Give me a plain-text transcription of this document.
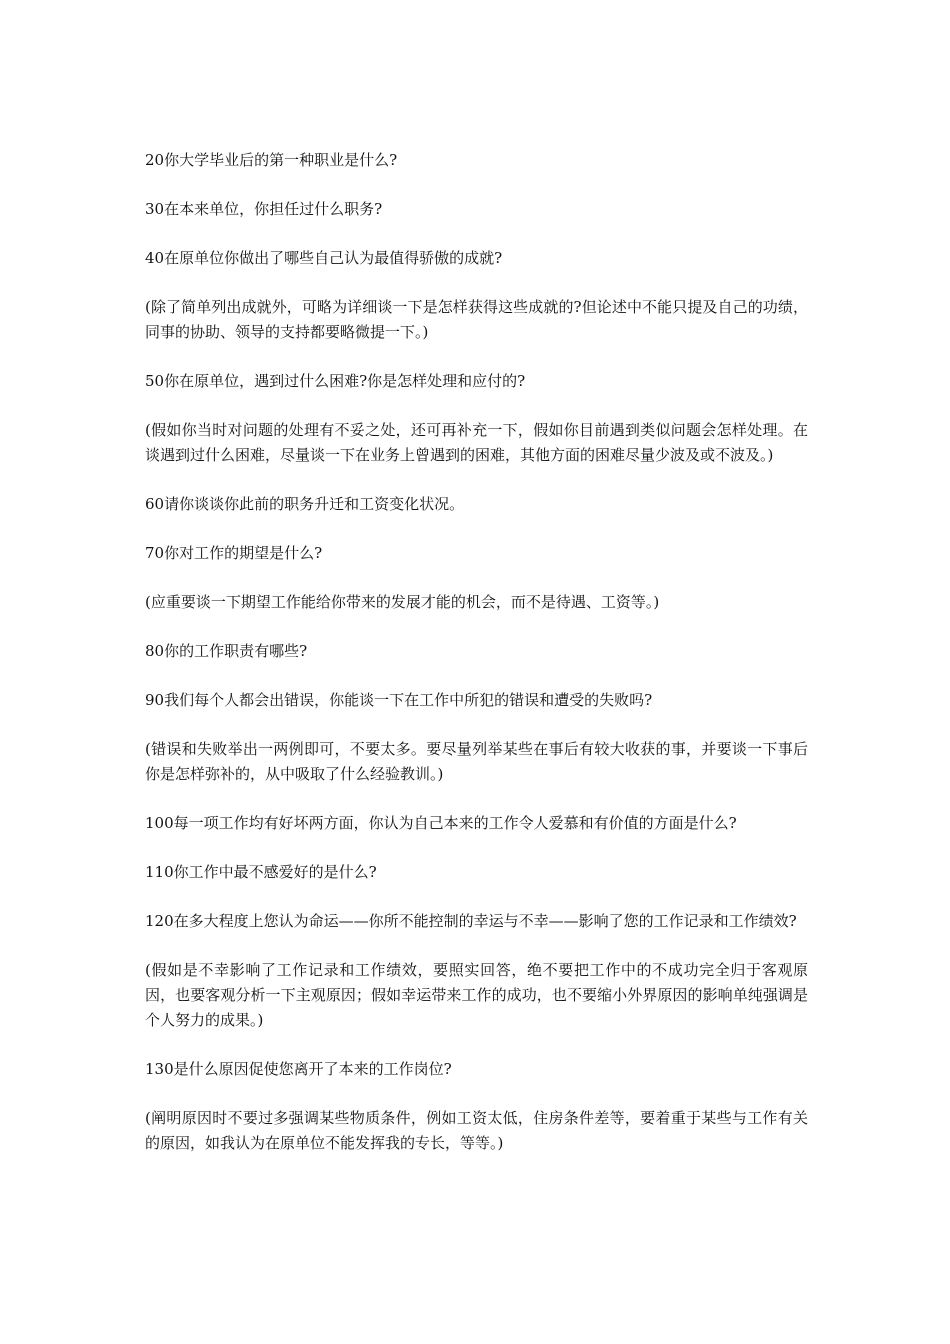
20你大学毕业后的第一种职业是什么?

30在本来单位，你担任过什么职务?

40在原单位你做出了哪些自己认为最值得骄傲的成就?

(除了简单列出成就外，可略为详细谈一下是怎样获得这些成就的?但论述中不能只提及自己的功绩，同事的协助、领导的支持都要略微提一下。)

50你在原单位，遇到过什么困难?你是怎样处理和应付的?

(假如你当时对问题的处理有不妥之处，还可再补充一下，假如你目前遇到类似问题会怎样处理。在谈遇到过什么困难，尽量谈一下在业务上曾遇到的困难，其他方面的困难尽量少波及或不波及。)

60请你谈谈你此前的职务升迁和工资变化状况。

70你对工作的期望是什么?

(应重要谈一下期望工作能给你带来的发展才能的机会，而不是待遇、工资等。)

80你的工作职责有哪些?

90我们每个人都会出错误，你能谈一下在工作中所犯的错误和遭受的失败吗?

(错误和失败举出一两例即可，不要太多。要尽量列举某些在事后有较大收获的事，并要谈一下事后你是怎样弥补的，从中吸取了什么经验教训。)

100每一项工作均有好坏两方面，你认为自己本来的工作令人爱慕和有价值的方面是什么?

110你工作中最不感爱好的是什么?

120在多大程度上您认为命运——你所不能控制的幸运与不幸——影响了您的工作记录和工作绩效?

(假如是不幸影响了工作记录和工作绩效，要照实回答，绝不要把工作中的不成功完全归于客观原因，也要客观分析一下主观原因；假如幸运带来工作的成功，也不要缩小外界原因的影响单纯强调是个人努力的成果。)

130是什么原因促使您离开了本来的工作岗位?

(阐明原因时不要过多强调某些物质条件，例如工资太低，住房条件差等，要着重于某些与工作有关的原因，如我认为在原单位不能发挥我的专长，等等。)
